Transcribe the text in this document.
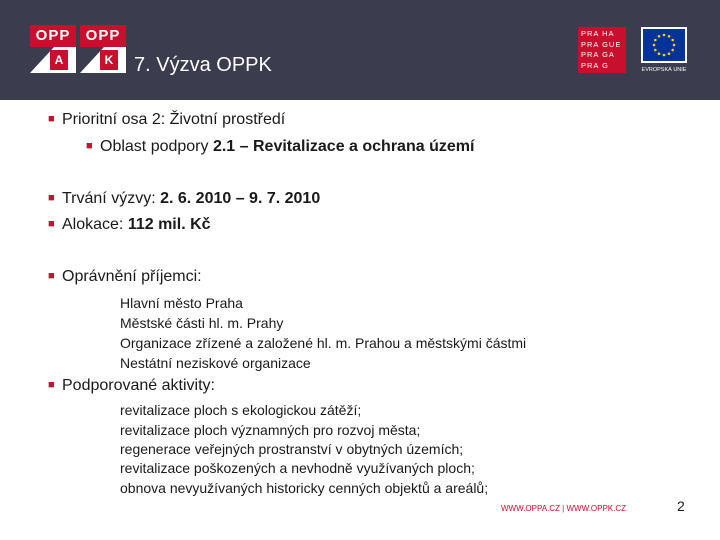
OPP
A
OPP
K 7. Výzva OPPK
PRA HA
PRA GUE
PRA GA
PRA G
EVROPSKÁ UNIE
■ Prioritní osa 2: Životní prostředí
■ Oblast podpory 2.1 – Revitalizace a ochrana území
■ Trvání výzvy: 2. 6. 2010 – 9. 7. 2010
■ Alokace: 112 mil. Kč
■ Oprávnění příjemci:
Hlavní město Praha
Městské části hl. m. Prahy
Organizace zřízené a založené hl. m. Prahou a městskými částmi
Nestátní neziskové organizace
■ Podporované aktivity:
revitalizace ploch s ekologickou zátěží;
revitalizace ploch významných pro rozvoj města;
regenerace veřejných prostranství v obytných územích;
revitalizace poškozených a nevhodně využívaných ploch;
obnova nevyužívaných historicky cenných objektů a areálů;
WWW.OPPA.CZ | WWW.OPPK.CZ	2
